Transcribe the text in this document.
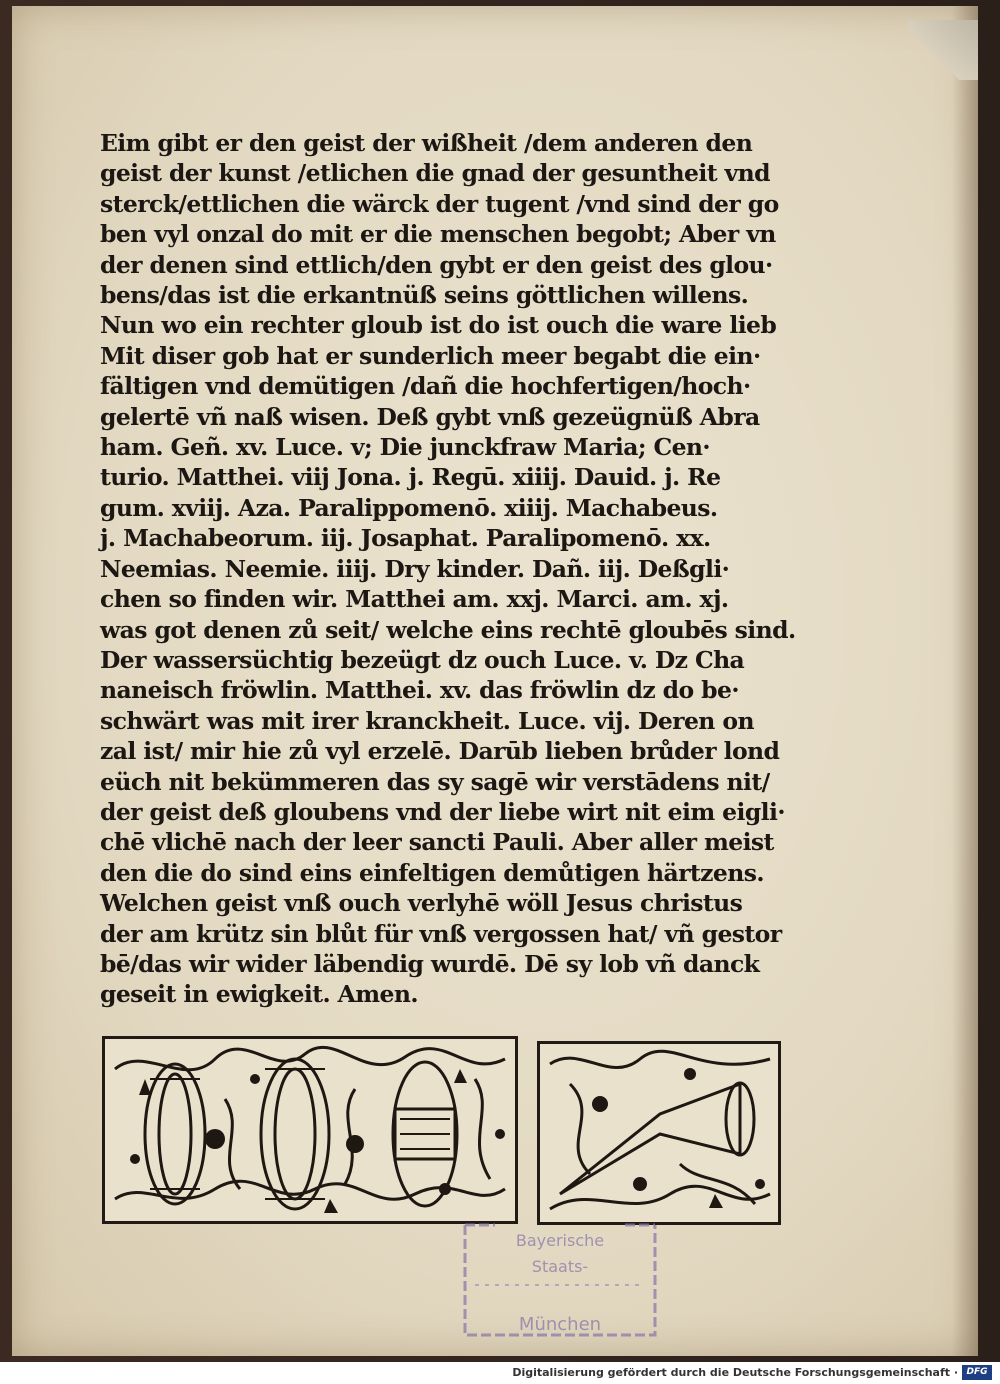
Eim gibt er den geist der wißheit /dem anderen den
geist der kunst /etlichen die gnad der gesuntheit vnd
sterck/ettlichen die wärck der tugent /vnd sind der go
ben vyl onzal do mit er die menschen begobt; Aber vn
der denen sind ettlich/den gybt er den geist des glou·
bens/das ist die erkantnüß seins göttlichen willens.
Nun wo ein rechter gloub ist do ist ouch die ware lieb
Mit diser gob hat er sunderlich meer begabt die ein·
fältigen vnd demütigen /dañ die hochfertigen/hoch·
gelertē vñ naß wisen. Deß gybt vnß gezeügnüß Abra
ham. Geñ. xv. Luce. v; Die junckfraw Maria; Cen·
turio. Matthei. viij Jona. j. Regū. xiiij. Dauid. j. Re
gum. xviij. Aza. Paralippomenō. xiiij. Machabeus.
j. Machabeorum. iij. Josaphat. Paralipomenō. xx.
Neemias. Neemie. iiij. Dry kinder. Dañ. iij. Deßgli·
chen so finden wir. Matthei am. xxj. Marci. am. xj.
was got denen zů seit/ welche eins rechtē gloubēs sind.
Der wassersüchtig bezeügt dz ouch Luce. v. Dz Cha
naneisch fröwlin. Matthei. xv. das fröwlin dz do be·
schwärt was mit irer kranckheit. Luce. vij. Deren on
zal ist/ mir hie zů vyl erzelē. Darūb lieben brůder lond
eüch nit bekümmeren das sy sagē wir verstādens nit/
der geist deß gloubens vnd der liebe wirt nit eim eigli·
chē vlichē nach der leer sancti Pauli. Aber aller meist
den die do sind eins einfeltigen demůtigen härtzens.
Welchen geist vnß ouch verlyhē wöll Jesus christus
der am krütz sin blůt für vnß vergossen hat/ vñ gestor
bē/das wir wider läbendig wurdē. Dē sy lob vñ danck
geseit in ewigkeit. Amen.
Bayerische
Staats-
München
Digitalisierung gefördert durch die Deutsche Forschungsgemeinschaft · DFG
